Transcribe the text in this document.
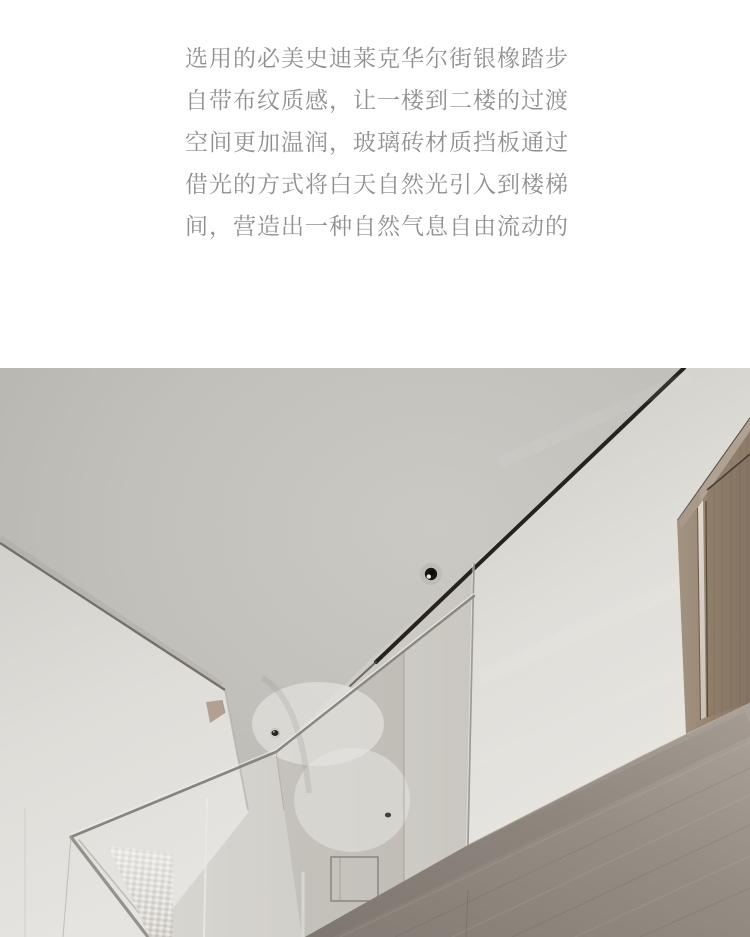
选用的必美史迪莱克华尔街银橡踏步

自带布纹质感，让一楼到二楼的过渡

空间更加温润，玻璃砖材质挡板通过

借光的方式将白天自然光引入到楼梯

间，营造出一种自然气息自由流动的
